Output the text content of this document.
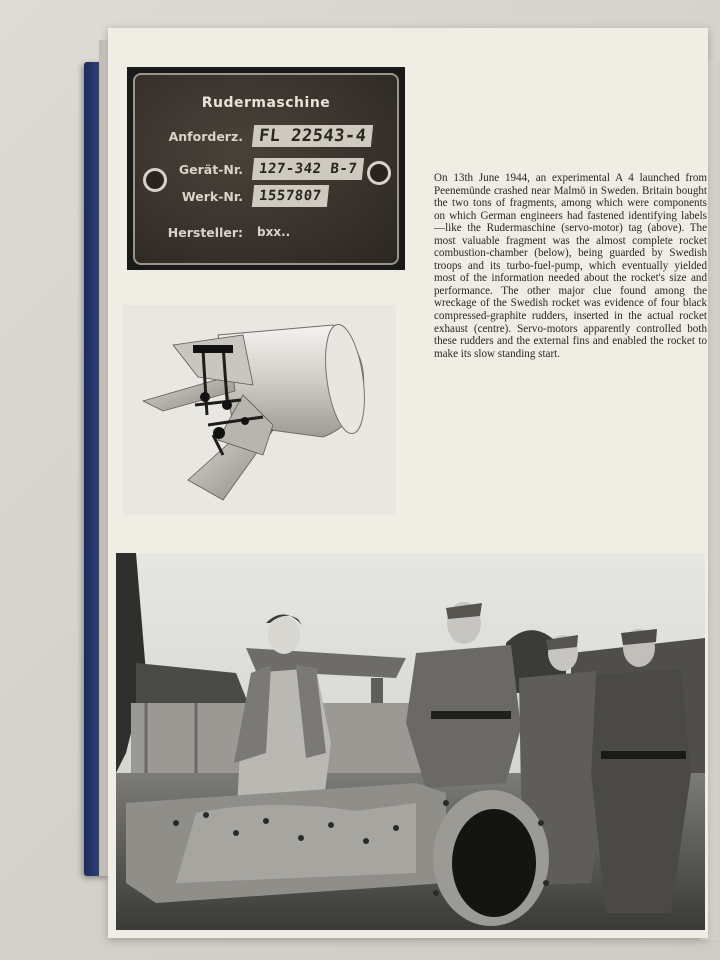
Rudermaschine
Anforderz. FL 22543-4
Gerät-Nr.	127-342 B-7
Werk-Nr.	1557807
Hersteller: bxx..

On 13th June 1944, an experimental A 4 launched from Peenemünde crashed near Malmö in Sweden. Britain bought the two tons of fragments, among which were components on which German engineers had fastened identifying labels—like the Rudermaschine (servo-motor) tag (above). The most valuable fragment was the almost complete rocket combustion-chamber (below), being guarded by Swedish troops and its turbo-fuel-pump, which eventually yielded most of the information needed about the rocket's size and performance. The other major clue found among the wreckage of the Swedish rocket was evidence of four black compressed-graphite rudders, inserted in the actual rocket exhaust (centre). Servo-motors apparently controlled both these rudders and the external fins and enabled the rocket to make its slow standing start.
